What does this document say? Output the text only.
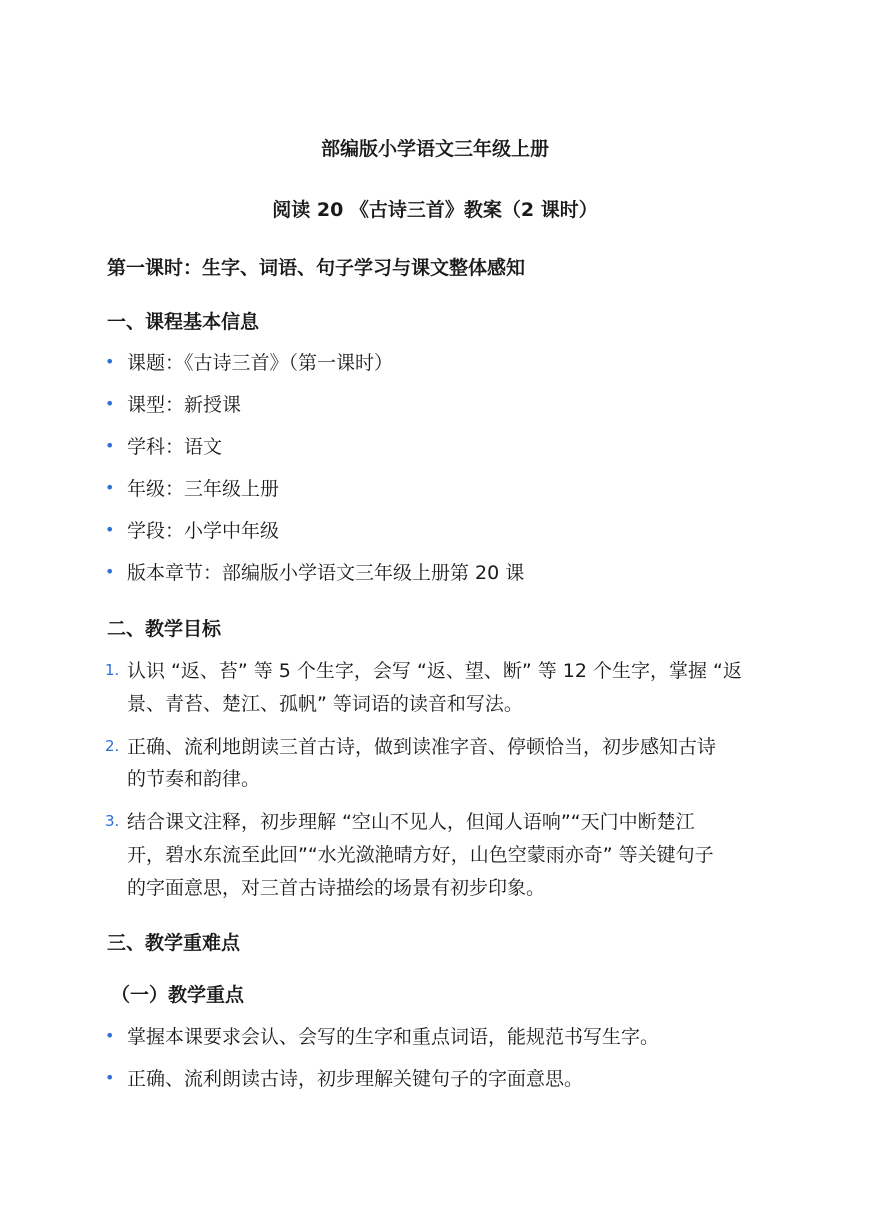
部编版小学语文三年级上册
阅读 20 《古诗三首》教案（2 课时）
第一课时：生字、词语、句子学习与课文整体感知
一、课程基本信息
• 课题：《古诗三首》（第一课时）
• 课型：新授课
• 学科：语文
• 年级：三年级上册
• 学段：小学中年级
• 版本章节：部编版小学语文三年级上册第 20 课
二、教学目标
1. 认识 “返、苔” 等 5 个生字，会写 “返、望、断” 等 12 个生字，掌握 “返
景、青苔、楚江、孤帆” 等词语的读音和写法。
2. 正确、流利地朗读三首古诗，做到读准字音、停顿恰当，初步感知古诗
的节奏和韵律。
3. 结合课文注释，初步理解 “空山不见人，但闻人语响”“天门中断楚江
开，碧水东流至此回”“水光潋滟晴方好，山色空蒙雨亦奇” 等关键句子
的字面意思，对三首古诗描绘的场景有初步印象。
三、教学重难点
（一）教学重点
• 掌握本课要求会认、会写的生字和重点词语，能规范书写生字。
• 正确、流利朗读古诗，初步理解关键句子的字面意思。
